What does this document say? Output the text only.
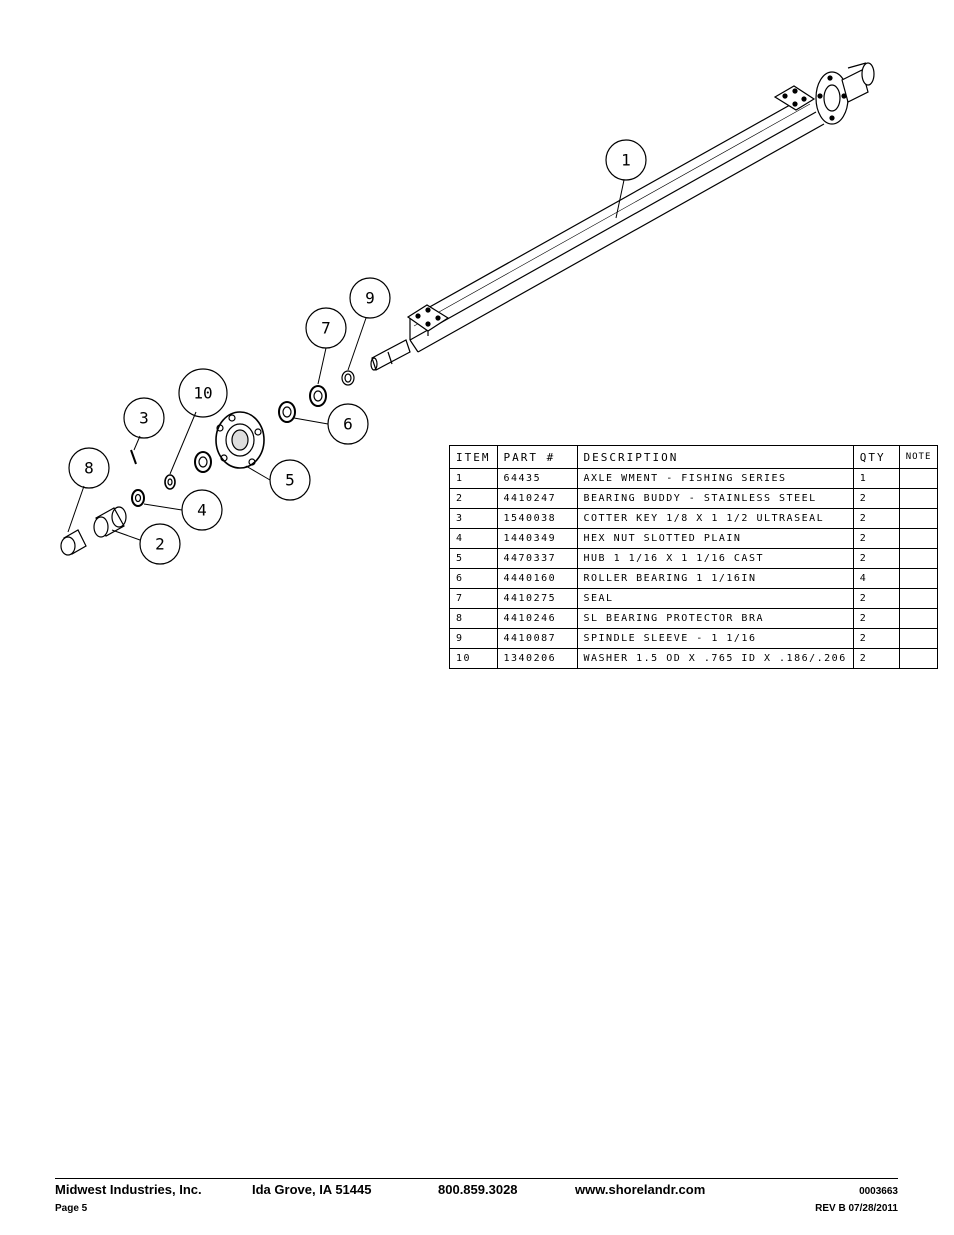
1
9
7
10
3	6
8
5
4
2
ITEM	PART #	DESCRIPTION	QTY	NOTE
1	64435	AXLE WMENT - FISHING SERIES	1	
2	4410247	BEARING BUDDY - STAINLESS STEEL	2	
3	1540038	COTTER KEY 1/8 X 1 1/2 ULTRASEAL	2	
4	1440349	HEX NUT SLOTTED PLAIN	2	
5	4470337	HUB 1 1/16 X 1 1/16 CAST	2	
6	4440160	ROLLER BEARING 1 1/16IN	4	
7	4410275	SEAL	2	
8	4410246	SL BEARING PROTECTOR BRA	2	
9	4410087	SPINDLE SLEEVE - 1 1/16	2	
10	1340206	WASHER 1.5 OD X .765 ID X .186/.206	2	
Midwest Industries, Inc.	Ida Grove, IA 51445	800.859.3028	www.shorelandr.com	0003663
Page 5	REV B 07/28/2011
